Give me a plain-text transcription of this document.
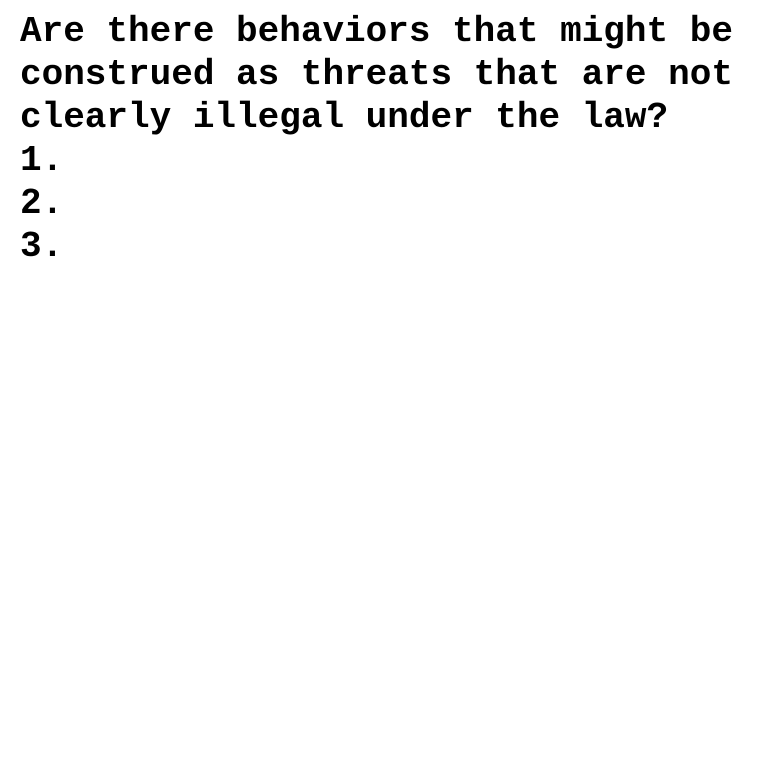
Are there behaviors that might be construed as threats that are not clearly illegal under the law?

1.
2.
3.
